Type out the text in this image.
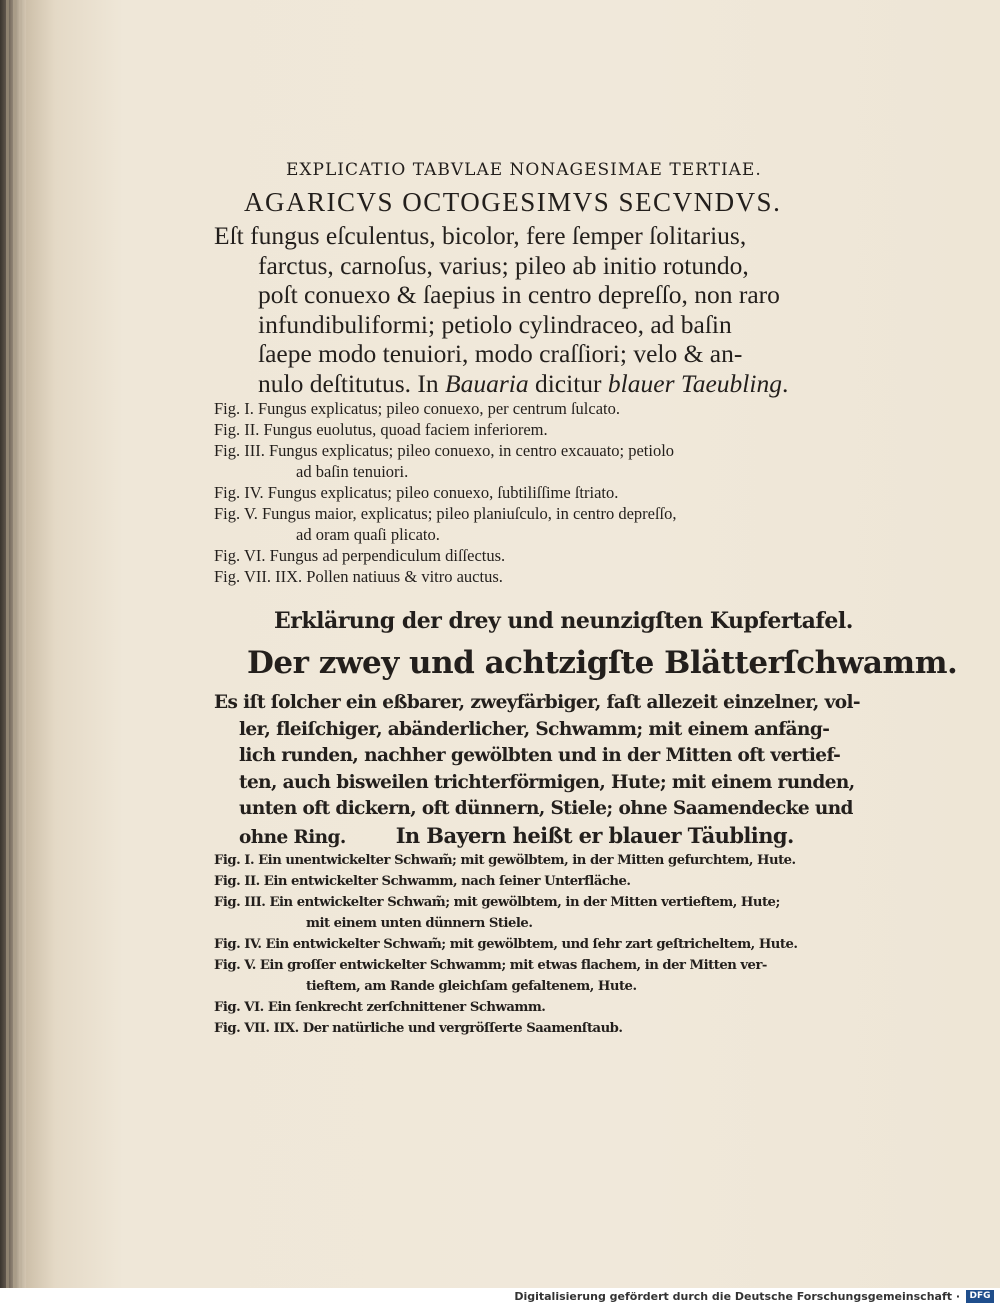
EXPLICATIO TABVLAE NONAGESIMAE TERTIAE.
AGARICVS OCTOGESIMVS SECVNDVS.
Eſt fungus eſculentus, bicolor, fere ſemper ſolitarius,
farctus, carnoſus, varius; pileo ab initio rotundo,
poſt conuexo & ſaepius in centro depreſſo, non raro
infundibuliformi; petiolo cylindraceo, ad baſin
ſaepe modo tenuiori, modo craſſiori; velo & an-
nulo deſtitutus. In Bauaria dicitur blauer Taeubling.
Fig. I. Fungus explicatus; pileo conuexo, per centrum ſulcato.
Fig. II. Fungus euolutus, quoad faciem inferiorem.
Fig. III. Fungus explicatus; pileo conuexo, in centro excauato; petiolo
ad baſin tenuiori.
Fig. IV. Fungus explicatus; pileo conuexo, ſubtiliſſime ſtriato.
Fig. V. Fungus maior, explicatus; pileo planiuſculo, in centro depreſſo,
ad oram quaſi plicato.
Fig. VI. Fungus ad perpendiculum diſſectus.
Fig. VII. IIX. Pollen natiuus & vitro auctus.
Erklärung der drey und neunzigſten Kupfertafel.
Der zwey und achtzigſte Blätterſchwamm.
Es iſt ſolcher ein eßbarer, zweyfärbiger, faſt allezeit einzelner, vol-
ler, fleiſchiger, abänderlicher, Schwamm; mit einem anfäng-
lich runden, nachher gewölbten und in der Mitten oft vertief-
ten, auch bisweilen trichterförmigen, Hute; mit einem runden,
unten oft dickern, oft dünnern, Stiele; ohne Saamendecke und
ohne Ring. In Bayern heißt er blauer Täubling.
Fig. I. Ein unentwickelter Schwam̃; mit gewölbtem, in der Mitten gefurchtem, Hute.
Fig. II. Ein entwickelter Schwamm, nach ſeiner Unterfläche.
Fig. III. Ein entwickelter Schwam̃; mit gewölbtem, in der Mitten vertieftem, Hute;
mit einem unten dünnern Stiele.
Fig. IV. Ein entwickelter Schwam̃; mit gewölbtem, und ſehr zart geſtricheltem, Hute.
Fig. V. Ein groſſer entwickelter Schwamm; mit etwas flachem, in der Mitten ver-
tieftem, am Rande gleichſam gefaltenem, Hute.
Fig. VI. Ein ſenkrecht zerſchnittener Schwamm.
Fig. VII. IIX. Der natürliche und vergröſſerte Saamenſtaub.
Digitalisierung gefördert durch die Deutsche Forschungsgemeinschaft ·	DFG
